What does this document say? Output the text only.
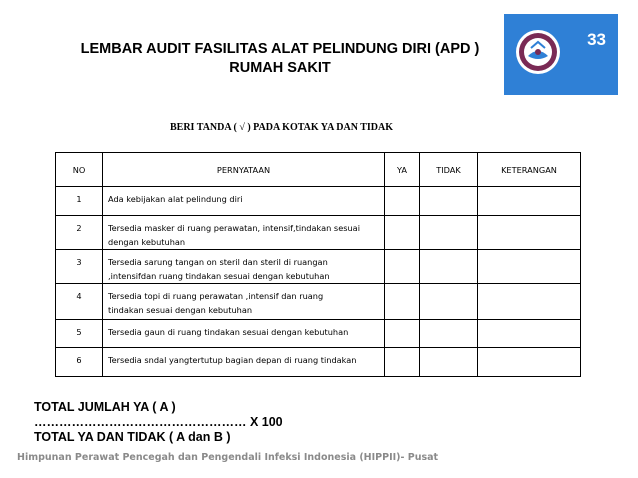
LEMBAR AUDIT FASILITAS ALAT PELINDUNG DIRI (APD )
RUMAH SAKIT
33
BERI TANDA ( √ ) PADA KOTAK YA DAN TIDAK
NO	PERNYATAAN	YA	TIDAK	KETERANGAN
1	Ada kebijakan alat pelindung diri			

2	Tersedia masker di ruang perawatan, intensif,tindakan sesuai
dengan kebutuhan			

3	Tersedia sarung tangan on steril dan steril di ruangan
,intensifdan ruang tindakan sesuai dengan kebutuhan			

4	Tersedia topi di ruang perawatan ,intensif dan ruang
tindakan sesuai dengan kebutuhan			

5	Tersedia gaun di ruang tindakan sesuai dengan kebutuhan			

6	Tersedia sndal yangtertutup bagian depan di ruang tindakan			

TOTAL JUMLAH YA ( A )
…………………………………………… X 100
TOTAL YA DAN TIDAK ( A dan B )
Himpunan Perawat Pencegah dan Pengendali Infeksi Indonesia (HIPPII)- Pusat
